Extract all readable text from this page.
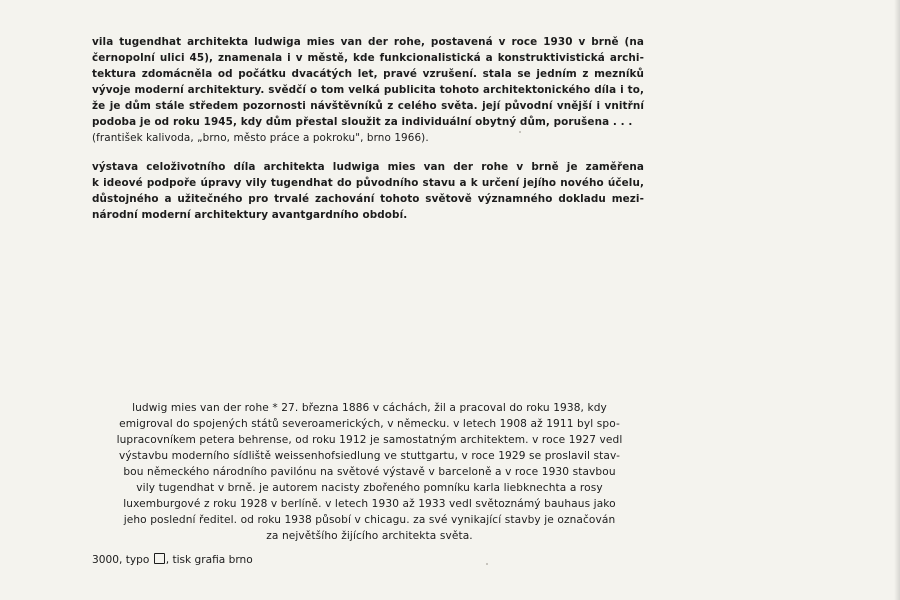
vila tugendhat architekta ludwiga mies van der rohe, postavená v roce 1930 v brně (na
černopolní ulici 45), znamenala i v městě, kde funkcionalistická a konstruktivistická archi-
tektura zdomácněla od počátku dvacátých let, pravé vzrušení. stala se jedním z mezníků
vývoje moderní architektury. svědčí o tom velká publicita tohoto architektonického díla i to,
že je dům stále středem pozornosti návštěvníků z celého světa. její původní vnější i vnitřní
podoba je od roku 1945, kdy dům přestal sloužit za individuální obytný dům, porušena . . .
(františek kalivoda, „brno, město práce a pokroku", brno 1966).
výstava celoživotního díla architekta ludwiga mies van der rohe v brně je zaměřena
k ideové podpoře úpravy vily tugendhat do původního stavu a k určení jejího nového účelu,
důstojného a užitečného pro trvalé zachování tohoto světově významného dokladu mezi-
národní moderní architektury avantgardního období.
ludwig mies van der rohe * 27. března 1886 v cáchách, žil a pracoval do roku 1938, kdy
emigroval do spojených států severoamerických, v německu. v letech 1908 až 1911 byl spo-
lupracovníkem petera behrense, od roku 1912 je samostatným architektem. v roce 1927 vedl
výstavbu moderního sídliště weissenhofsiedlung ve stuttgartu, v roce 1929 se proslavil stav-
bou německého národního pavilónu na světové výstavě v barceloně a v roce 1930 stavbou
vily tugendhat v brně. je autorem nacisty zbořeného pomníku karla liebknechta a rosy
luxemburgové z roku 1928 v berlíně. v letech 1930 až 1933 vedl světoznámý bauhaus jako
jeho poslední ředitel. od roku 1938 působí v chicagu. za své vynikající stavby je označován
za největšího žijícího architekta světa.
3000, typo , tisk grafia brno
